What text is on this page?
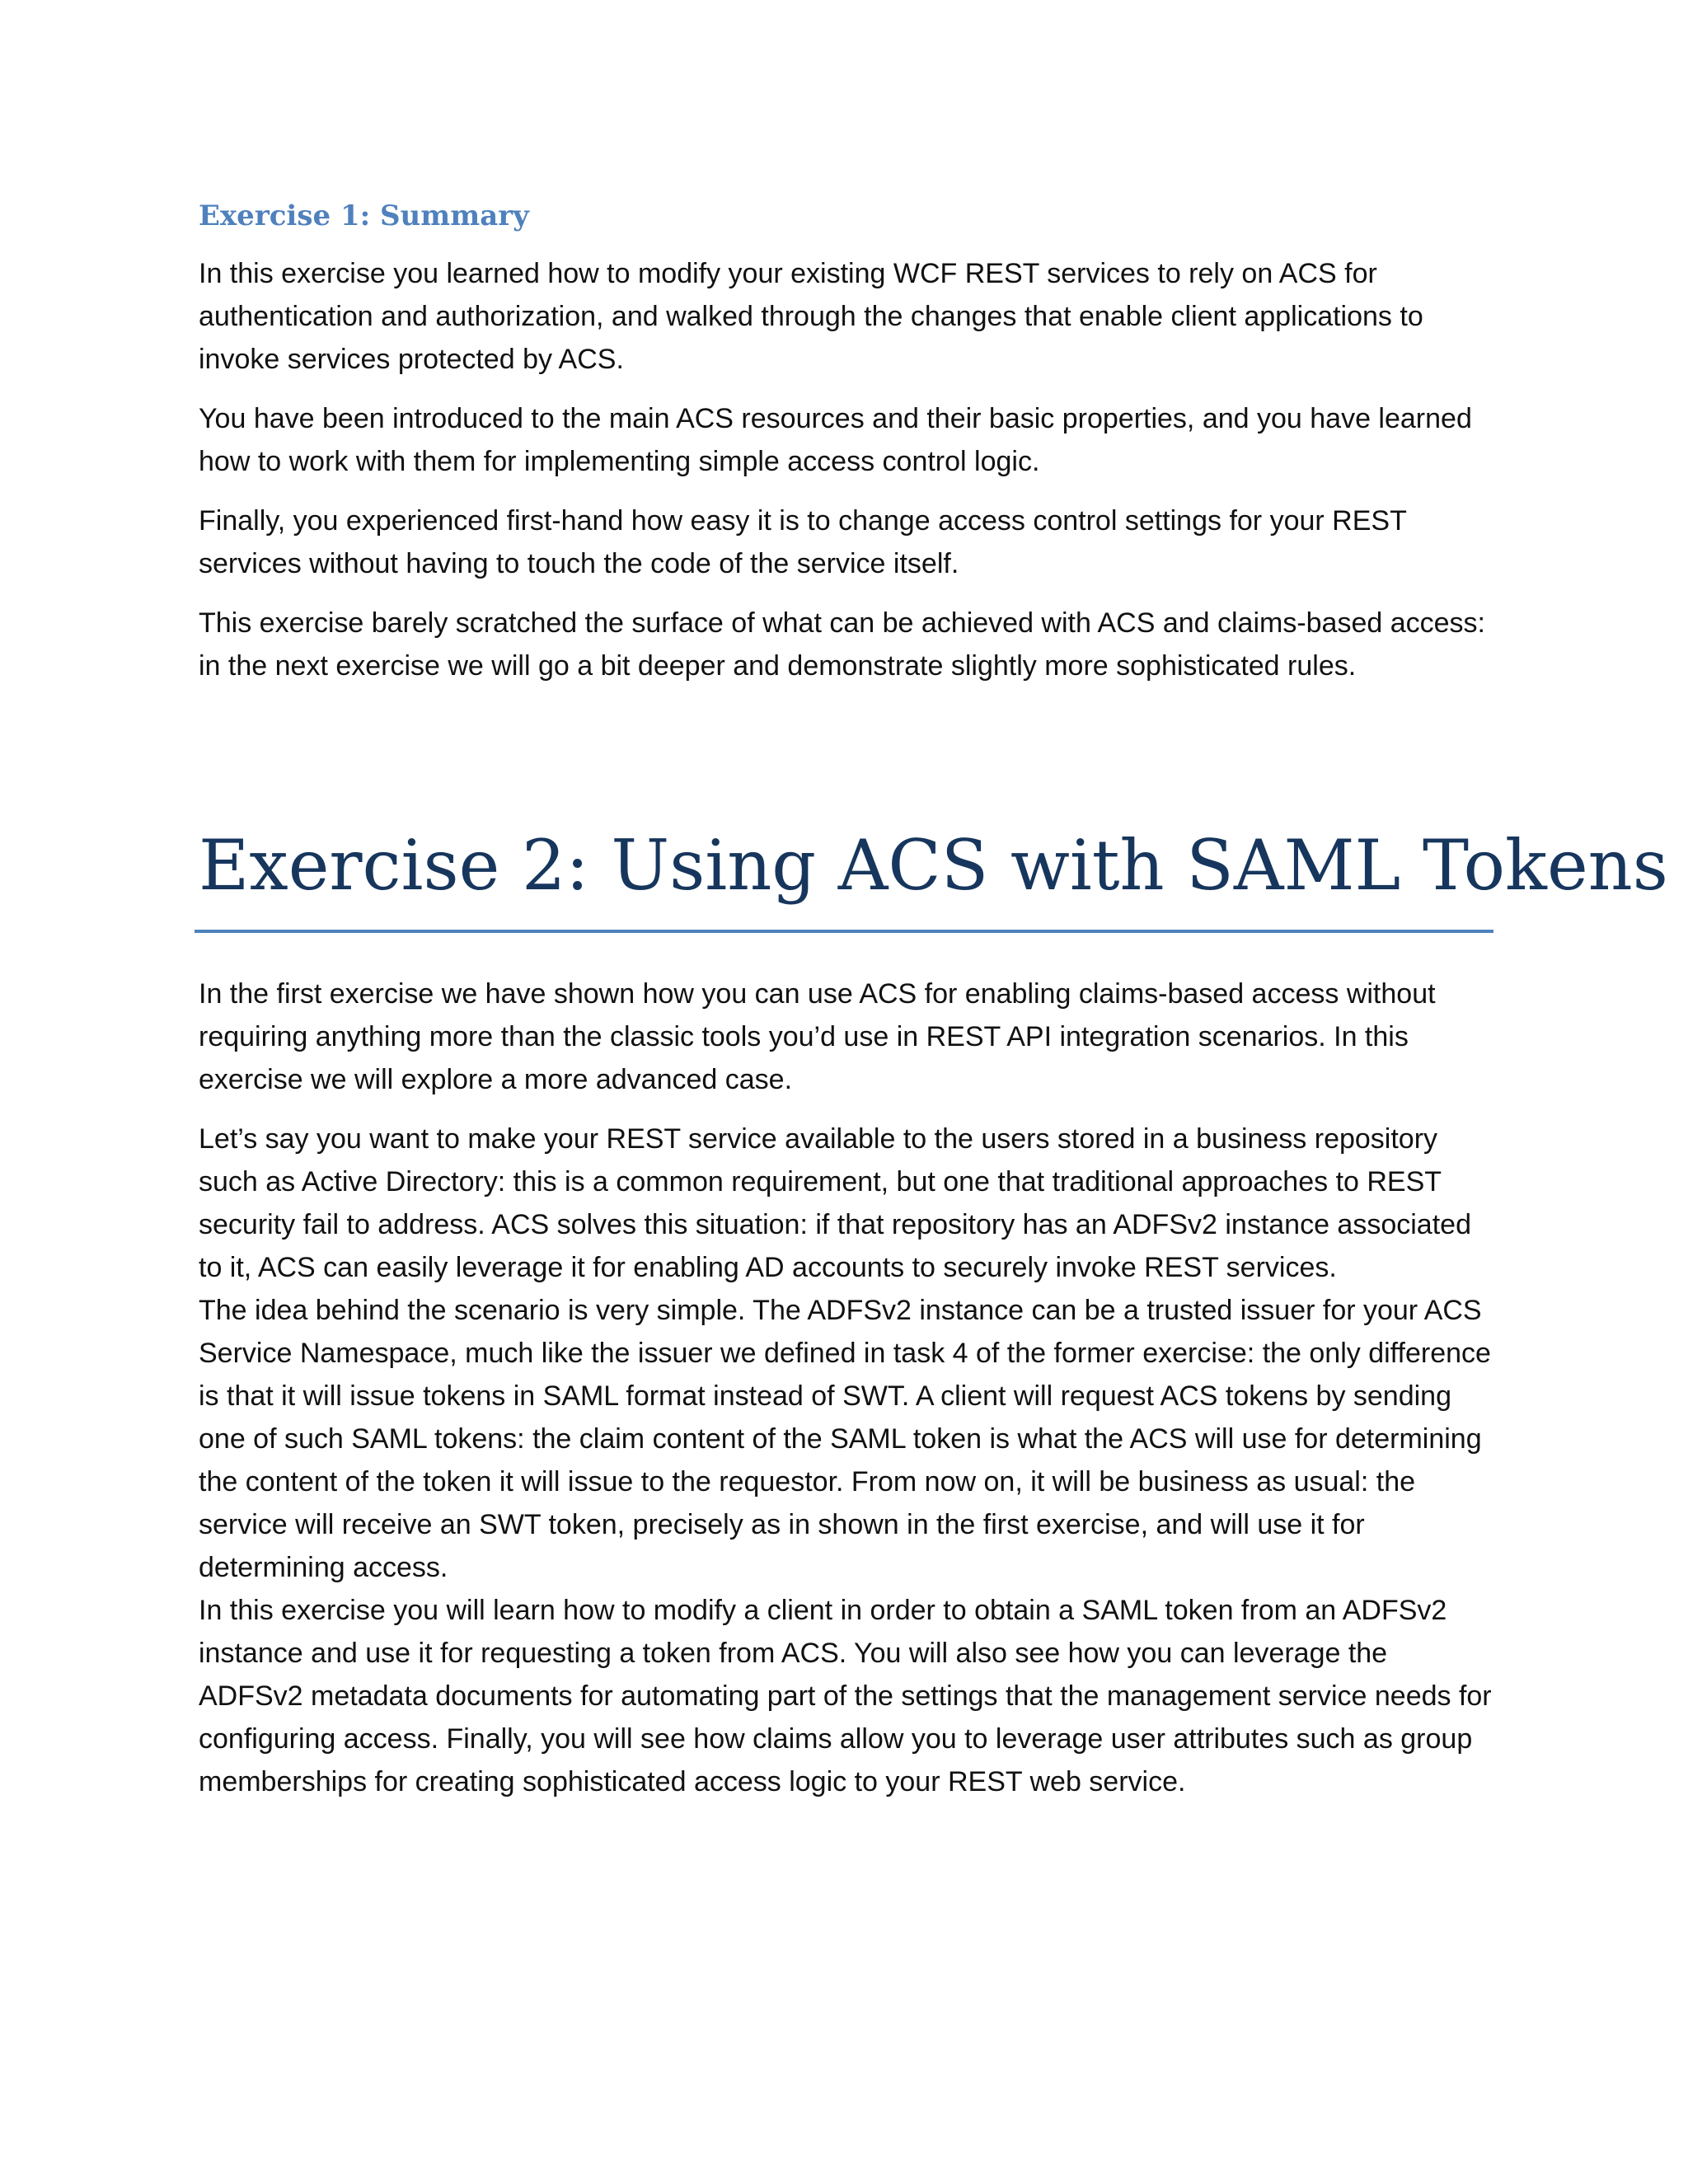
Exercise 1: Summary

In this exercise you learned how to modify your existing WCF REST services to rely on ACS for authentication and authorization, and walked through the changes that enable client applications to invoke services protected by ACS.

You have been introduced to the main ACS resources and their basic properties, and you have learned how to work with them for implementing simple access control logic.

Finally, you experienced first-hand how easy it is to change access control settings for your REST services without having to touch the code of the service itself.

This exercise barely scratched the surface of what can be achieved with ACS and claims-based access: in the next exercise we will go a bit deeper and demonstrate slightly more sophisticated rules.

Exercise 2: Using ACS with SAML Tokens

In the first exercise we have shown how you can use ACS for enabling claims-based access without requiring anything more than the classic tools you’d use in REST API integration scenarios. In this exercise we will explore a more advanced case.

Let’s say you want to make your REST service available to the users stored in a business repository such as Active Directory: this is a common requirement, but one that traditional approaches to REST security fail to address. ACS solves this situation: if that repository has an ADFSv2 instance associated to it, ACS can easily leverage it for enabling AD accounts to securely invoke REST services.

The idea behind the scenario is very simple. The ADFSv2 instance can be a trusted issuer for your ACS Service Namespace, much like the issuer we defined in task 4 of the former exercise: the only difference is that it will issue tokens in SAML format instead of SWT. A client will request ACS tokens by sending one of such SAML tokens: the claim content of the SAML token is what the ACS will use for determining the content of the token it will issue to the requestor. From now on, it will be business as usual: the service will receive an SWT token, precisely as in shown in the first exercise, and will use it for determining access.

In this exercise you will learn how to modify a client in order to obtain a SAML token from an ADFSv2 instance and use it for requesting a token from ACS. You will also see how you can leverage the ADFSv2 metadata documents for automating part of the settings that the management service needs for configuring access. Finally, you will see how claims allow you to leverage user attributes such as group memberships for creating sophisticated access logic to your REST web service.
